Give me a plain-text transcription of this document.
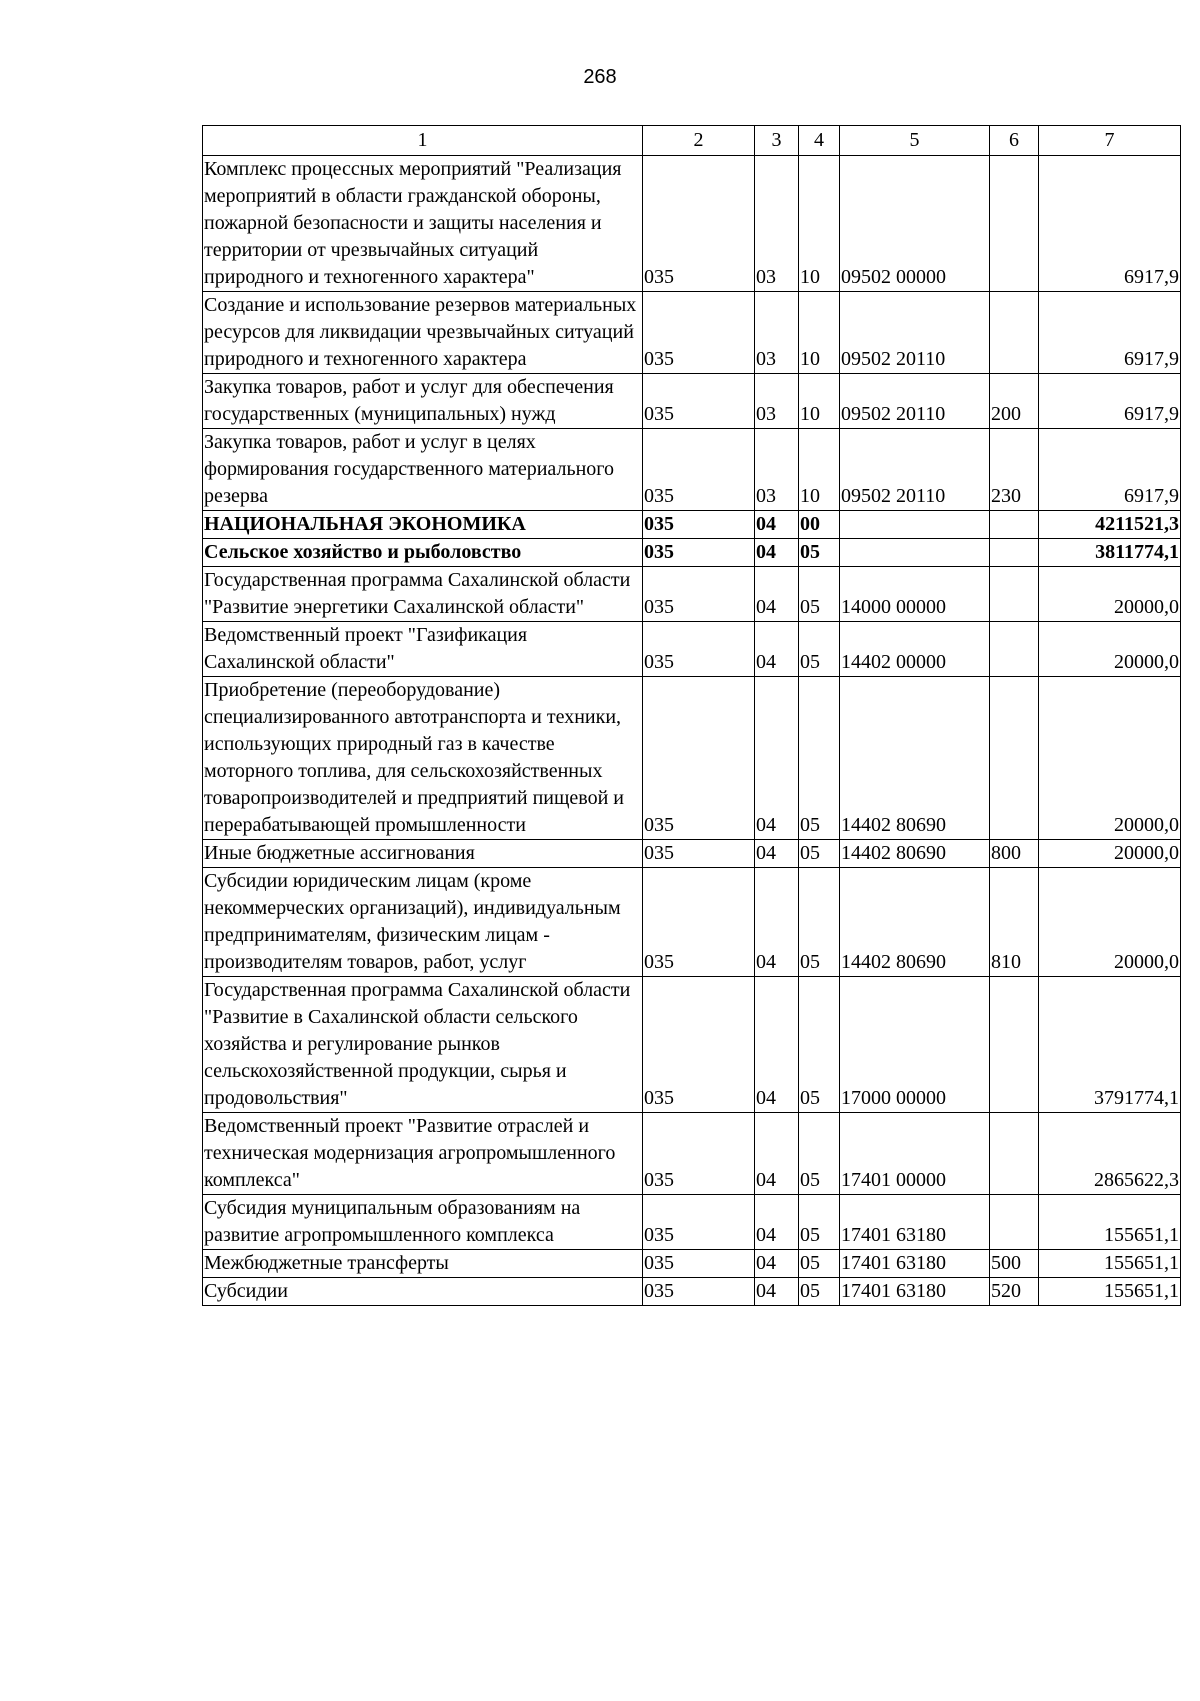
268
1	2	3	4	5	6	7
Комплекс процессных мероприятий "Реализация мероприятий в области гражданской обороны, пожарной безопасности и защиты населения и территории от чрезвычайных ситуаций природного и техногенного характера"	035	03	10	09502 00000		6917,9
Создание и использование резервов материальных ресурсов для ликвидации чрезвычайных ситуаций природного и техногенного характера	035	03	10	09502 20110		6917,9
Закупка товаров, работ и услуг для обеспечения государственных (муниципальных) нужд	035	03	10	09502 20110	200	6917,9
Закупка товаров, работ и услуг в целях формирования государственного материального резерва	035	03	10	09502 20110	230	6917,9
НАЦИОНАЛЬНАЯ ЭКОНОМИКА	035	04	00			4211521,3
Сельское хозяйство и рыболовство	035	04	05			3811774,1
Государственная программа Сахалинской области "Развитие энергетики Сахалинской области"	035	04	05	14000 00000		20000,0
Ведомственный проект "Газификация Сахалинской области"	035	04	05	14402 00000		20000,0
Приобретение (переоборудование) специализированного автотранспорта и техники, использующих природный газ в качестве моторного топлива, для сельскохозяйственных товаропроизводителей и предприятий пищевой и перерабатывающей промышленности	035	04	05	14402 80690		20000,0
Иные бюджетные ассигнования	035	04	05	14402 80690	800	20000,0
Субсидии юридическим лицам (кроме некоммерческих организаций), индивидуальным предпринимателям, физическим лицам - производителям товаров, работ, услуг	035	04	05	14402 80690	810	20000,0
Государственная программа Сахалинской области "Развитие в Сахалинской области сельского хозяйства и регулирование рынков сельскохозяйственной продукции, сырья и продовольствия"	035	04	05	17000 00000		3791774,1
Ведомственный проект "Развитие отраслей и техническая модернизация агропромышленного комплекса"	035	04	05	17401 00000		2865622,3
Субсидия муниципальным образованиям на развитие агропромышленного комплекса	035	04	05	17401 63180		155651,1
Межбюджетные трансферты	035	04	05	17401 63180	500	155651,1
Субсидии	035	04	05	17401 63180	520	155651,1
